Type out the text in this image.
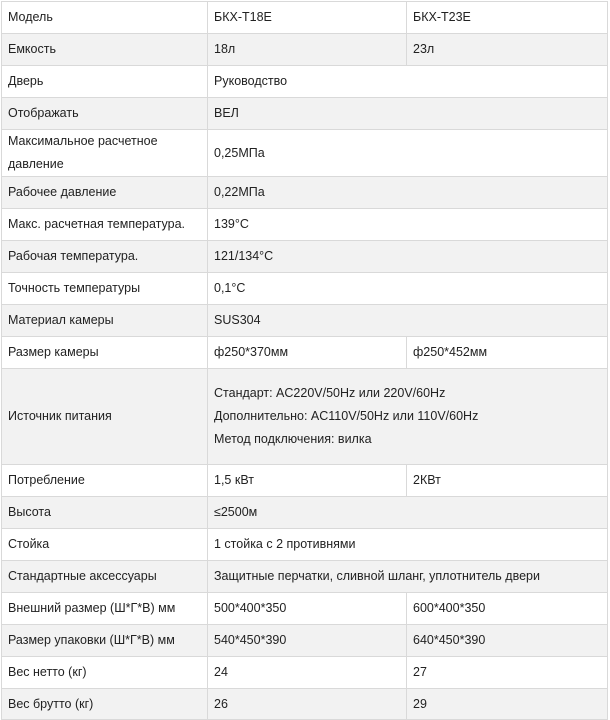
Модель	БКХ-Т18Е	БКХ-Т23Е
Емкость	18л	23л
Дверь	Руководство	
Отображать	ВЕЛ	

Максимальное расчетное
давление	0,25МПа	
Рабочее давление	0,22МПа	
Макс. расчетная температура.	139°C	
Рабочая температура.	121/134°C	
Точность температуры	0,1°C	
Материал камеры	SUS304	
Размер камеры	ф250*370мм	ф250*452мм
Источник питания	Стандарт: AC220V/50Hz или 220V/60Hz
Дополнительно: AC110V/50Hz или 110V/60Hz
Метод подключения: вилка	

Потребление	1,5 кВт	2КВт
Высота	≤2500м	
Стойка	1 стойка с 2 противнями	
Стандартные аксессуары	Защитные перчатки, сливной шланг, уплотнитель двери	
Внешний размер (Ш*Г*В) мм	500*400*350	600*400*350
Размер упаковки (Ш*Г*В) мм	540*450*390	640*450*390
Вес нетто (кг)	24	27
Вес брутто (кг)	26	29
